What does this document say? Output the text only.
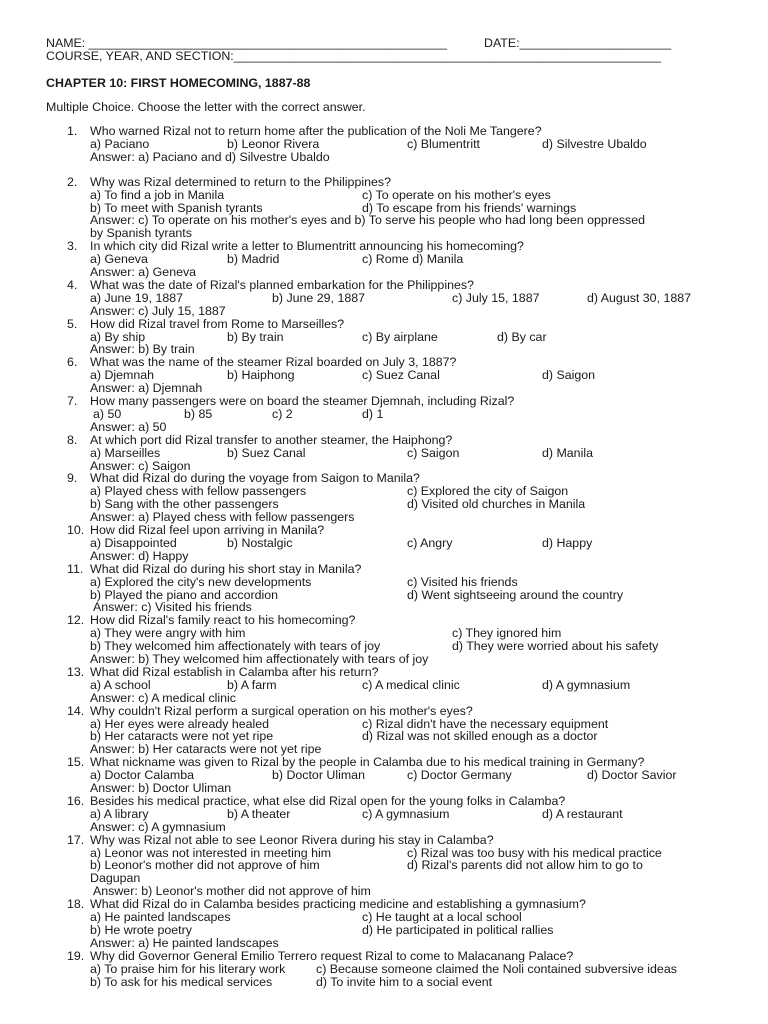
NAME: ____________________________________________________	DATE:______________________
COURSE, YEAR, AND SECTION:______________________________________________________________
CHAPTER 10: FIRST HOMECOMING, 1887-88
Multiple Choice. Choose the letter with the correct answer.
1. Who warned Rizal not to return home after the publication of the Noli Me Tangere?
a) Paciano	b) Leonor Rivera	c) Blumentritt	d) Silvestre Ubaldo
Answer: a) Paciano and d) Silvestre Ubaldo
2. Why was Rizal determined to return to the Philippines?
a) To find a job in Manila	c) To operate on his mother's eyes
b) To meet with Spanish tyrants	d) To escape from his friends' warnings
Answer: c) To operate on his mother's eyes and b) To serve his people who had long been oppressed
by Spanish tyrants
3. In which city did Rizal write a letter to Blumentritt announcing his homecoming?
a) Geneva	b) Madrid	c) Rome d) Manila
Answer: a) Geneva
4. What was the date of Rizal's planned embarkation for the Philippines?
a) June 19, 1887	b) June 29, 1887	c) July 15, 1887	d) August 30, 1887
Answer: c) July 15, 1887
5. How did Rizal travel from Rome to Marseilles?
a) By ship	b) By train	c) By airplane	d) By car
Answer: b) By train
6. What was the name of the steamer Rizal boarded on July 3, 1887?
a) Djemnah	b) Haiphong	c) Suez Canal	d) Saigon
Answer: a) Djemnah
7. How many passengers were on board the steamer Djemnah, including Rizal?
a) 50	b) 85	c) 2	d) 1
Answer: a) 50
8. At which port did Rizal transfer to another steamer, the Haiphong?
a) Marseilles	b) Suez Canal	c) Saigon	d) Manila
Answer: c) Saigon
9. What did Rizal do during the voyage from Saigon to Manila?
a) Played chess with fellow passengers	c) Explored the city of Saigon
b) Sang with the other passengers	d) Visited old churches in Manila
Answer: a) Played chess with fellow passengers
10. How did Rizal feel upon arriving in Manila?
a) Disappointed	b) Nostalgic	c) Angry	d) Happy
Answer: d) Happy
11. What did Rizal do during his short stay in Manila?
a) Explored the city's new developments	c) Visited his friends
b) Played the piano and accordion	d) Went sightseeing around the country
Answer: c) Visited his friends
12. How did Rizal's family react to his homecoming?
a) They were angry with him	c) They ignored him
b) They welcomed him affectionately with tears of joy	d) They were worried about his safety
Answer: b) They welcomed him affectionately with tears of joy
13. What did Rizal establish in Calamba after his return?
a) A school	b) A farm	c) A medical clinic	d) A gymnasium
Answer: c) A medical clinic
14. Why couldn't Rizal perform a surgical operation on his mother's eyes?
a) Her eyes were already healed	c) Rizal didn't have the necessary equipment
b) Her cataracts were not yet ripe	d) Rizal was not skilled enough as a doctor
Answer: b) Her cataracts were not yet ripe
15. What nickname was given to Rizal by the people in Calamba due to his medical training in Germany?
a) Doctor Calamba	b) Doctor Uliman	c) Doctor Germany	d) Doctor Savior
Answer: b) Doctor Uliman
16. Besides his medical practice, what else did Rizal open for the young folks in Calamba?
a) A library	b) A theater	c) A gymnasium	d) A restaurant
Answer: c) A gymnasium
17. Why was Rizal not able to see Leonor Rivera during his stay in Calamba?
a) Leonor was not interested in meeting him	c) Rizal was too busy with his medical practice
b) Leonor's mother did not approve of him	d) Rizal's parents did not allow him to go to
Dagupan
Answer: b) Leonor's mother did not approve of him
18. What did Rizal do in Calamba besides practicing medicine and establishing a gymnasium?
a) He painted landscapes	c) He taught at a local school
b) He wrote poetry	d) He participated in political rallies
Answer: a) He painted landscapes
19. Why did Governor General Emilio Terrero request Rizal to come to Malacanang Palace?
a) To praise him for his literary work c) Because someone claimed the Noli contained subversive ideas
b) To ask for his medical services	d) To invite him to a social event
